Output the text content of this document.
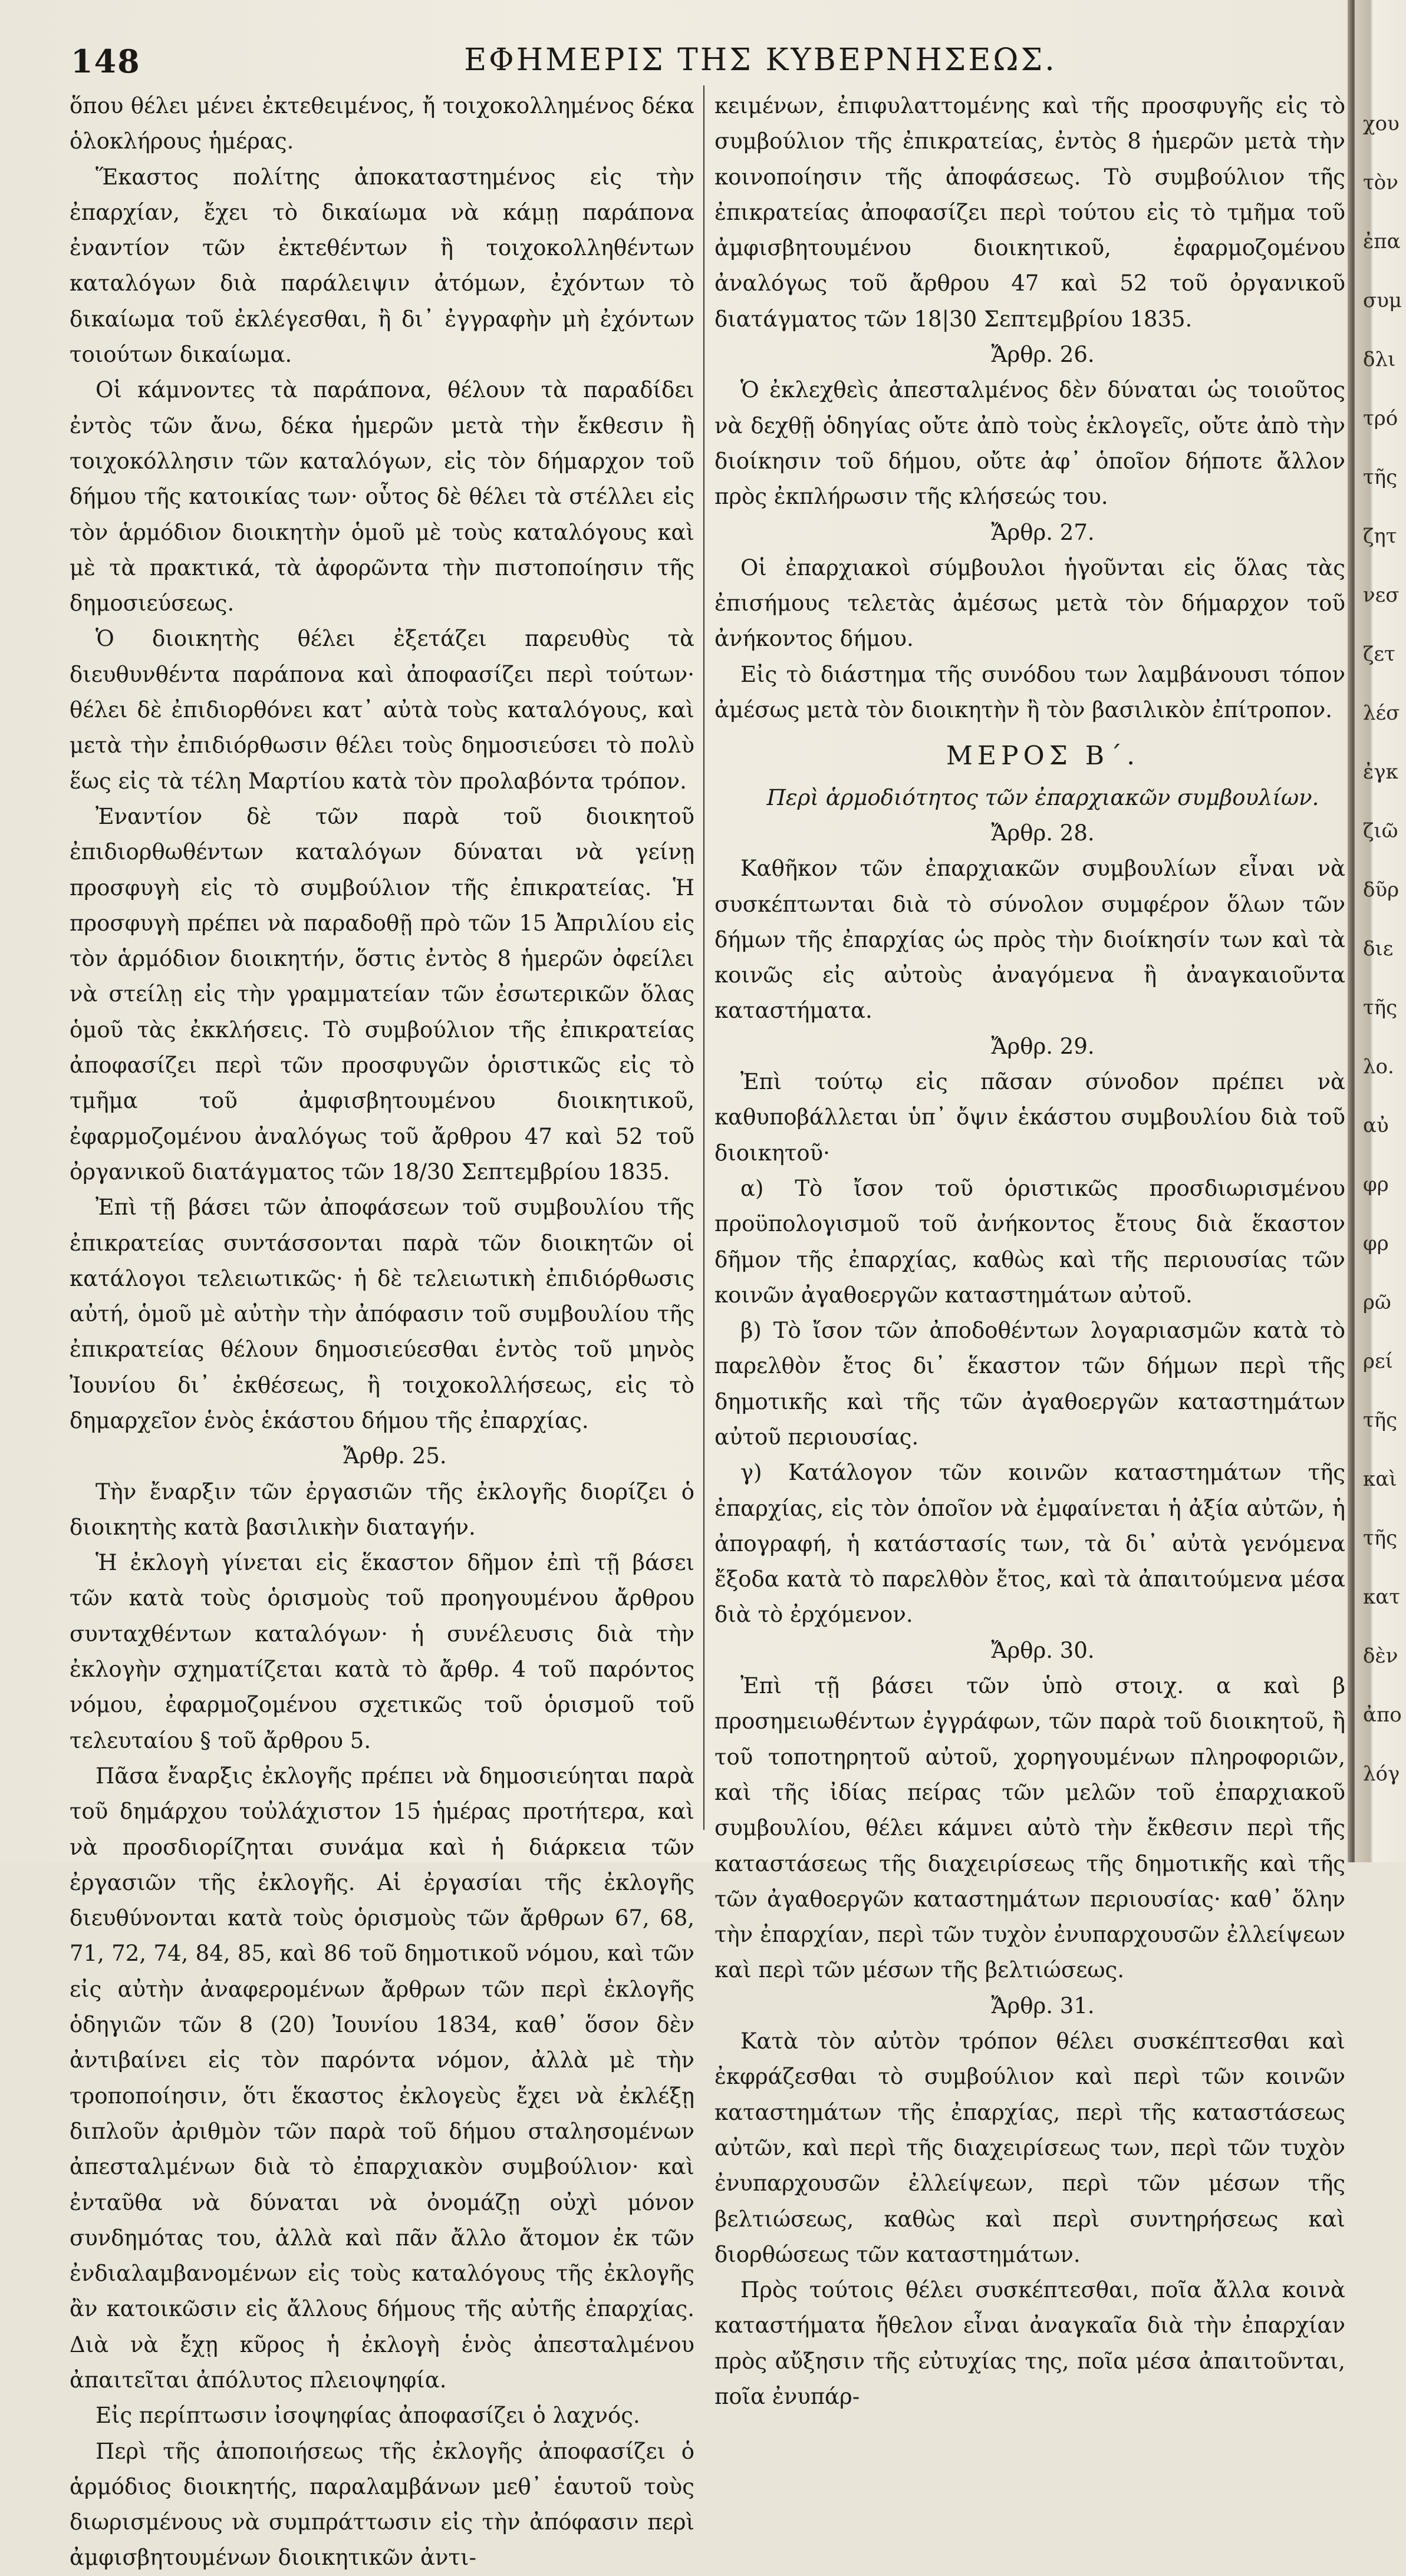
148	ΕΦΗΜΕΡΙΣ ΤΗΣ ΚΥΒΕΡΝΗΣΕΩΣ.

ὅπου θέλει μένει ἐκτεθειμένος, ἤ τοιχοκολλημένος δέκα ὁλοκλήρους ἡμέρας.

Ἕκαστος πολίτης ἀποκαταστημένος εἰς τὴν ἐπαρχίαν, ἔχει τὸ δικαίωμα νὰ κάμῃ παράπονα ἐναντίον τῶν ἐκτεθέντων ἢ τοιχοκολληθέντων καταλόγων διὰ παράλειψιν ἀτόμων, ἐχόντων τὸ δικαίωμα τοῦ ἐκλέγεσθαι, ἢ δι᾽ ἐγγραφὴν μὴ ἐχόντων τοιούτων δικαίωμα.

Οἱ κάμνοντες τὰ παράπονα, θέλουν τὰ παραδίδει ἐντὸς τῶν ἄνω, δέκα ἡμερῶν μετὰ τὴν ἔκθεσιν ἢ τοιχοκόλλησιν τῶν καταλόγων, εἰς τὸν δήμαρχον τοῦ δήμου τῆς κατοικίας των· οὗτος δὲ θέλει τὰ στέλλει εἰς τὸν ἁρμόδιον διοικητὴν ὁμοῦ μὲ τοὺς καταλόγους καὶ μὲ τὰ πρακτικά, τὰ ἀφορῶντα τὴν πιστοποίησιν τῆς δημοσιεύσεως.

Ὁ διοικητὴς θέλει ἐξετάζει παρευθὺς τὰ διευθυνθέντα παράπονα καὶ ἀποφασίζει περὶ τούτων· θέλει δὲ ἐπιδιορθόνει κατ᾽ αὐτὰ τοὺς καταλόγους, καὶ μετὰ τὴν ἐπιδιόρθωσιν θέλει τοὺς δημοσιεύσει τὸ πολὺ ἕως εἰς τὰ τέλη Μαρτίου κατὰ τὸν προλαβόντα τρόπον.

Ἐναντίον δὲ τῶν παρὰ τοῦ διοικητοῦ ἐπιδιορθωθέντων καταλόγων δύναται νὰ γείνῃ προσφυγὴ εἰς τὸ συμβούλιον τῆς ἐπικρατείας. Ἡ προσφυγὴ πρέπει νὰ παραδοθῇ πρὸ τῶν 15 Ἀπριλίου εἰς τὸν ἁρμόδιον διοικητήν, ὅστις ἐντὸς 8 ἡμερῶν ὀφείλει νὰ στείλῃ εἰς τὴν γραμματείαν τῶν ἐσωτερικῶν ὅλας ὁμοῦ τὰς ἐκκλήσεις. Τὸ συμβούλιον τῆς ἐπικρατείας ἀποφασίζει περὶ τῶν προσφυγῶν ὁριστικῶς εἰς τὸ τμῆμα τοῦ ἀμφισβητουμένου διοικητικοῦ, ἐφαρμοζομένου ἀναλόγως τοῦ ἄρθρου 47 καὶ 52 τοῦ ὀργανικοῦ διατάγματος τῶν 18/30 Σεπτεμβρίου 1835.

Ἐπὶ τῇ βάσει τῶν ἀποφάσεων τοῦ συμβουλίου τῆς ἐπικρατείας συντάσσονται παρὰ τῶν διοικητῶν οἱ κατάλογοι τελειωτικῶς· ἡ δὲ τελειωτικὴ ἐπιδιόρθωσις αὐτή, ὁμοῦ μὲ αὐτὴν τὴν ἀπόφασιν τοῦ συμβουλίου τῆς ἐπικρατείας θέλουν δημοσιεύεσθαι ἐντὸς τοῦ μηνὸς Ἰουνίου δι᾽ ἐκθέσεως, ἢ τοιχοκολλήσεως, εἰς τὸ δημαρχεῖον ἑνὸς ἑκάστου δήμου τῆς ἐπαρχίας.

Ἄρθρ. 25.

Τὴν ἔναρξιν τῶν ἐργασιῶν τῆς ἐκλογῆς διορίζει ὁ διοικητὴς κατὰ βασιλικὴν διαταγήν.

Ἡ ἐκλογὴ γίνεται εἰς ἕκαστον δῆμον ἐπὶ τῇ βάσει τῶν κατὰ τοὺς ὁρισμοὺς τοῦ προηγουμένου ἄρθρου συνταχθέντων καταλόγων· ἡ συνέλευσις διὰ τὴν ἐκλογὴν σχηματίζεται κατὰ τὸ ἄρθρ. 4 τοῦ παρόντος νόμου, ἐφαρμοζομένου σχετικῶς τοῦ ὁρισμοῦ τοῦ τελευταίου § τοῦ ἄρθρου 5.

Πᾶσα ἔναρξις ἐκλογῆς πρέπει νὰ δημοσιεύηται παρὰ τοῦ δημάρχου τοὐλάχιστον 15 ἡμέρας προτήτερα, καὶ νὰ προσδιορίζηται συνάμα καὶ ἡ διάρκεια τῶν ἐργασιῶν τῆς ἐκλογῆς. Αἱ ἐργασίαι τῆς ἐκλογῆς διευθύνονται κατὰ τοὺς ὁρισμοὺς τῶν ἄρθρων 67, 68, 71, 72, 74, 84, 85, καὶ 86 τοῦ δημοτικοῦ νόμου, καὶ τῶν εἰς αὐτὴν ἀναφερομένων ἄρθρων τῶν περὶ ἐκλογῆς ὁδηγιῶν τῶν 8 (20) Ἰουνίου 1834, καθ᾽ ὅσον δὲν ἀντιβαίνει εἰς τὸν παρόντα νόμον, ἀλλὰ μὲ τὴν τροποποίησιν, ὅτι ἕκαστος ἐκλογεὺς ἔχει νὰ ἐκλέξῃ διπλοῦν ἀριθμὸν τῶν παρὰ τοῦ δήμου σταλησομένων ἀπεσταλμένων διὰ τὸ ἐπαρχιακὸν συμβούλιον· καὶ ἐνταῦθα νὰ δύναται νὰ ὀνομάζῃ οὐχὶ μόνον συνδημότας του, ἀλλὰ καὶ πᾶν ἄλλο ἄτομον ἐκ τῶν ἐνδιαλαμβανομένων εἰς τοὺς καταλόγους τῆς ἐκλογῆς ἂν κατοικῶσιν εἰς ἄλλους δήμους τῆς αὐτῆς ἐπαρχίας. Διὰ νὰ ἔχῃ κῦρος ἡ ἐκλογὴ ἑνὸς ἀπεσταλμένου ἀπαιτεῖται ἀπόλυτος πλειοψηφία.

Εἰς περίπτωσιν ἰσοψηφίας ἀποφασίζει ὁ λαχνός.

Περὶ τῆς ἀποποιήσεως τῆς ἐκλογῆς ἀποφασίζει ὁ ἁρμόδιος διοικητής, παραλαμβάνων μεθ᾽ ἑαυτοῦ τοὺς διωρισμένους νὰ συμπράττωσιν εἰς τὴν ἀπόφασιν περὶ ἀμφισβητουμένων διοικητικῶν ἀντι-

κειμένων, ἐπιφυλαττομένης καὶ τῆς προσφυγῆς εἰς τὸ συμβούλιον τῆς ἐπικρατείας, ἐντὸς 8 ἡμερῶν μετὰ τὴν κοινοποίησιν τῆς ἀποφάσεως. Τὸ συμβούλιον τῆς ἐπικρατείας ἀποφασίζει περὶ τούτου εἰς τὸ τμῆμα τοῦ ἀμφισβητουμένου διοικητικοῦ, ἐφαρμοζομένου ἀναλόγως τοῦ ἄρθρου 47 καὶ 52 τοῦ ὀργανικοῦ διατάγματος τῶν 18|30 Σεπτεμβρίου 1835.

Ἄρθρ. 26.

Ὁ ἐκλεχθεὶς ἀπεσταλμένος δὲν δύναται ὡς τοιοῦτος νὰ δεχθῇ ὁδηγίας οὔτε ἀπὸ τοὺς ἐκλογεῖς, οὔτε ἀπὸ τὴν διοίκησιν τοῦ δήμου, οὔτε ἀφ᾽ ὁποῖον δήποτε ἄλλον πρὸς ἐκπλήρωσιν τῆς κλήσεώς του.

Ἄρθρ. 27.

Οἱ ἐπαρχιακοὶ σύμβουλοι ἡγοῦνται εἰς ὅλας τὰς ἐπισήμους τελετὰς ἀμέσως μετὰ τὸν δήμαρχον τοῦ ἀνήκοντος δήμου.

Εἰς τὸ διάστημα τῆς συνόδου των λαμβάνουσι τόπον ἀμέσως μετὰ τὸν διοικητὴν ἢ τὸν βασιλικὸν ἐπίτροπον.

ΜΕΡΟΣ Β΄.

Περὶ ἁρμοδιότητος τῶν ἐπαρχιακῶν συμβουλίων.

Ἄρθρ. 28.

Καθῆκον τῶν ἐπαρχιακῶν συμβουλίων εἶναι νὰ συσκέπτωνται διὰ τὸ σύνολον συμφέρον ὅλων τῶν δήμων τῆς ἐπαρχίας ὡς πρὸς τὴν διοίκησίν των καὶ τὰ κοινῶς εἰς αὐτοὺς ἀναγόμενα ἢ ἀναγκαιοῦντα καταστήματα.

Ἄρθρ. 29.

Ἐπὶ τούτῳ εἰς πᾶσαν σύνοδον πρέπει νὰ καθυποβάλλεται ὑπ᾽ ὄψιν ἑκάστου συμβουλίου διὰ τοῦ διοικητοῦ·

α) Τὸ ἴσον τοῦ ὁριστικῶς προσδιωρισμένου προϋπολογισμοῦ τοῦ ἀνήκοντος ἔτους διὰ ἕκαστον δῆμον τῆς ἐπαρχίας, καθὼς καὶ τῆς περιουσίας τῶν κοινῶν ἀγαθοεργῶν καταστημάτων αὐτοῦ.

β) Τὸ ἴσον τῶν ἀποδοθέντων λογαριασμῶν κατὰ τὸ παρελθὸν ἔτος δι᾽ ἕκαστον τῶν δήμων περὶ τῆς δημοτικῆς καὶ τῆς τῶν ἀγαθοεργῶν καταστημάτων αὐτοῦ περιουσίας.

γ) Κατάλογον τῶν κοινῶν καταστημάτων τῆς ἐπαρχίας, εἰς τὸν ὁποῖον νὰ ἐμφαίνεται ἡ ἀξία αὐτῶν, ἡ ἀπογραφή, ἡ κατάστασίς των, τὰ δι᾽ αὐτὰ γενόμενα ἔξοδα κατὰ τὸ παρελθὸν ἔτος, καὶ τὰ ἀπαιτούμενα μέσα διὰ τὸ ἐρχόμενον.

Ἄρθρ. 30.

Ἐπὶ τῇ βάσει τῶν ὑπὸ στοιχ. α καὶ β προσημειωθέντων ἐγγράφων, τῶν παρὰ τοῦ διοικητοῦ, ἢ τοῦ τοποτηρητοῦ αὐτοῦ, χορηγουμένων πληροφοριῶν, καὶ τῆς ἰδίας πείρας τῶν μελῶν τοῦ ἐπαρχιακοῦ συμβουλίου, θέλει κάμνει αὐτὸ τὴν ἔκθεσιν περὶ τῆς καταστάσεως τῆς διαχειρίσεως τῆς δημοτικῆς καὶ τῆς τῶν ἀγαθοεργῶν καταστημάτων περιουσίας· καθ᾽ ὅλην τὴν ἐπαρχίαν, περὶ τῶν τυχὸν ἐνυπαρχουσῶν ἐλλείψεων καὶ περὶ τῶν μέσων τῆς βελτιώσεως.

Ἄρθρ. 31.

Κατὰ τὸν αὐτὸν τρόπον θέλει συσκέπτεσθαι καὶ ἐκφράζεσθαι τὸ συμβούλιον καὶ περὶ τῶν κοινῶν καταστημάτων τῆς ἐπαρχίας, περὶ τῆς καταστάσεως αὐτῶν, καὶ περὶ τῆς διαχειρίσεως των, περὶ τῶν τυχὸν ἐνυπαρχουσῶν ἐλλείψεων, περὶ τῶν μέσων τῆς βελτιώσεως, καθὼς καὶ περὶ συντηρήσεως καὶ διορθώσεως τῶν καταστημάτων.

Πρὸς τούτοις θέλει συσκέπτεσθαι, ποῖα ἄλλα κοινὰ καταστήματα ἤθελον εἶναι ἀναγκαῖα διὰ τὴν ἐπαρχίαν πρὸς αὔξησιν τῆς εὐτυχίας της, ποῖα μέσα ἀπαιτοῦνται, ποῖα ἐνυπάρ-

χου
τὸν
ἐπα
συμ
δλι
τρό
τῆς
ζητ
νεσ
ζετ
λέσ
ἐγκ
ζιῶ
δῦρ
διε
τῆς
λο.
αὐ
φρ
φρ
ρῶ
ρεί
τῆς
καὶ
τῆς
κατ
δὲν
ἀπο
λόγ
